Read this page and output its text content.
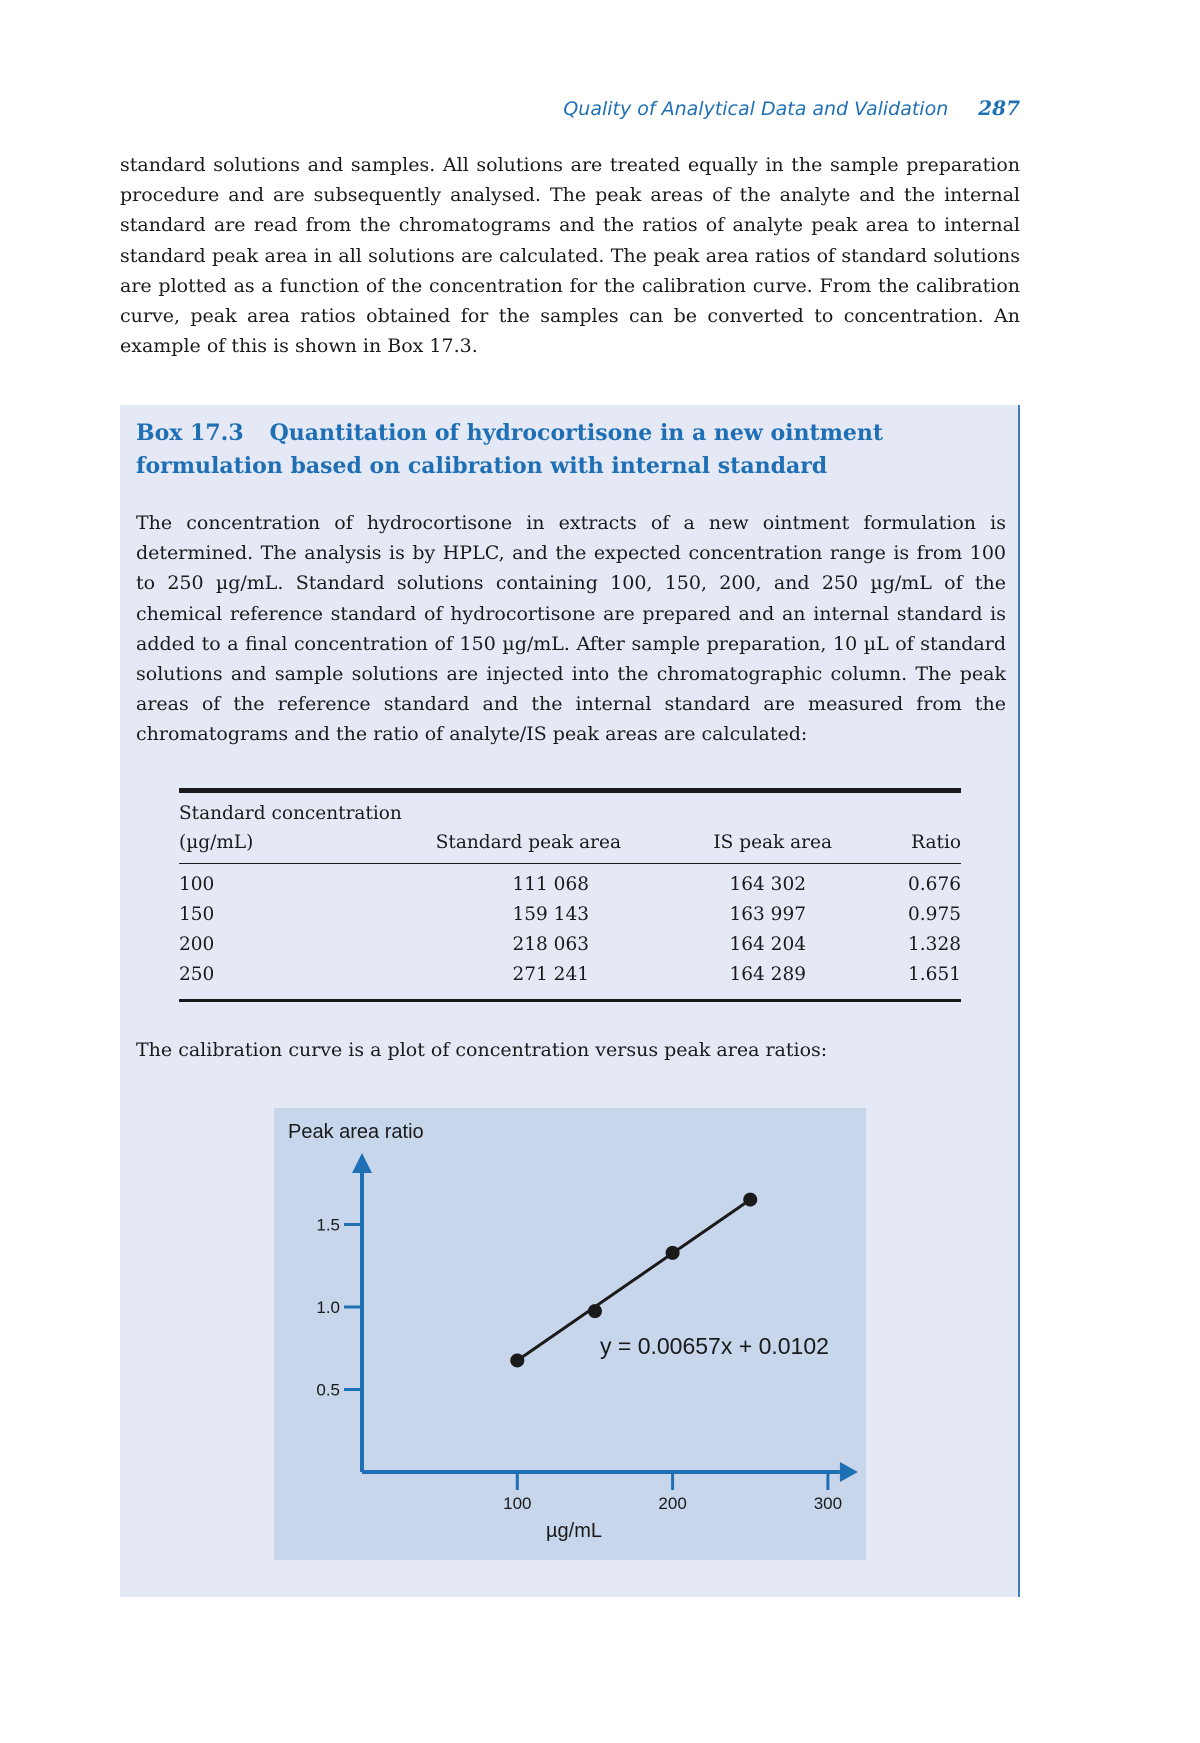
Quality of Analytical Data and Validation 287

standard solutions and samples. All solutions are treated equally in the sample preparation procedure and are subsequently analysed. The peak areas of the analyte and the internal standard are read from the chromatograms and the ratios of analyte peak area to internal standard peak area in all solutions are calculated. The peak area ratios of standard solutions are plotted as a function of the concentration for the calibration curve. From the calibration curve, peak area ratios obtained for the samples can be converted to concentration. An example of this is shown in Box 17.3.

Box 17.3 Quantitation of hydrocortisone in a new ointment formulation based on calibration with internal standard

The concentration of hydrocortisone in extracts of a new ointment formulation is determined. The analysis is by HPLC, and the expected concentration range is from 100 to 250 µg/mL. Standard solutions containing 100, 150, 200, and 250 µg/mL of the chemical reference standard of hydrocortisone are prepared and an internal standard is added to a final concentration of 150 µg/mL. After sample preparation, 10 µL of standard solutions and sample solutions are injected into the chromatographic column. The peak areas of the reference standard and the internal standard are measured from the chromatograms and the ratio of analyte/IS peak areas are calculated:

Standard concentration
(µg/mL)	Standard peak area	IS peak area	Ratio
100	111 068	164 302	0.676
150	159 143	163 997	0.975
200	218 063	164 204	1.328
250	271 241	164 289	1.651

The calibration curve is a plot of concentration versus peak area ratios:

Peak area ratio
µg/mL
0.5
1.0
1.5
100	200	300
y = 0.00657x + 0.0102
